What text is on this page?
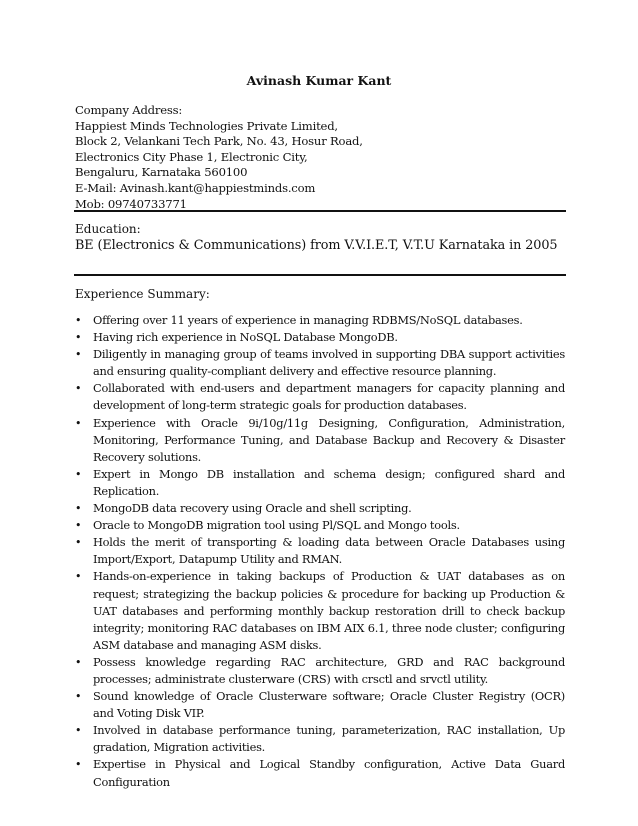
Avinash Kumar Kant
Company Address:
Happiest Minds Technologies Private Limited,
Block 2, Velankani Tech Park, No. 43, Hosur Road,
Electronics City Phase 1, Electronic City,
Bengaluru, Karnataka 560100
E-Mail: Avinash.kant@happiestminds.com
Mob: 09740733771
Education:
BE (Electronics & Communications) from V.V.I.E.T, V.T.U Karnataka in 2005
Experience Summary:
• Offering over 11 years of experience in managing RDBMS/NoSQL databases.
• Having rich experience in NoSQL Database MongoDB.
• Diligently in managing group of teams involved in supporting DBA support activities and ensuring quality-compliant delivery and effective resource planning.
• Collaborated with end-users and department managers for capacity planning and development of long-term strategic goals for production databases.
• Experience with Oracle 9i/10g/11g Designing, Configuration, Administration, Monitoring, Performance Tuning, and Database Backup and Recovery & Disaster Recovery solutions.
• Expert in Mongo DB installation and schema design; configured shard and Replication.
• MongoDB data recovery using Oracle and shell scripting.
• Oracle to MongoDB migration tool using Pl/SQL and Mongo tools.
• Holds the merit of transporting & loading data between Oracle Databases using Import/Export, Datapump Utility and RMAN.
• Hands-on-experience in taking backups of Production & UAT databases as on request; strategizing the backup policies & procedure for backing up Production & UAT databases and performing monthly backup restoration drill to check backup integrity; monitoring RAC databases on IBM AIX 6.1, three node cluster; configuring ASM database and managing ASM disks.
• Possess knowledge regarding RAC architecture, GRD and RAC background processes; administrate clusterware (CRS) with crsctl and srvctl utility.
• Sound knowledge of Oracle Clusterware software; Oracle Cluster Registry (OCR) and Voting Disk VIP.
• Involved in database performance tuning, parameterization, RAC installation, Up gradation, Migration activities.
• Expertise in Physical and Logical Standby configuration, Active Data Guard Configuration
